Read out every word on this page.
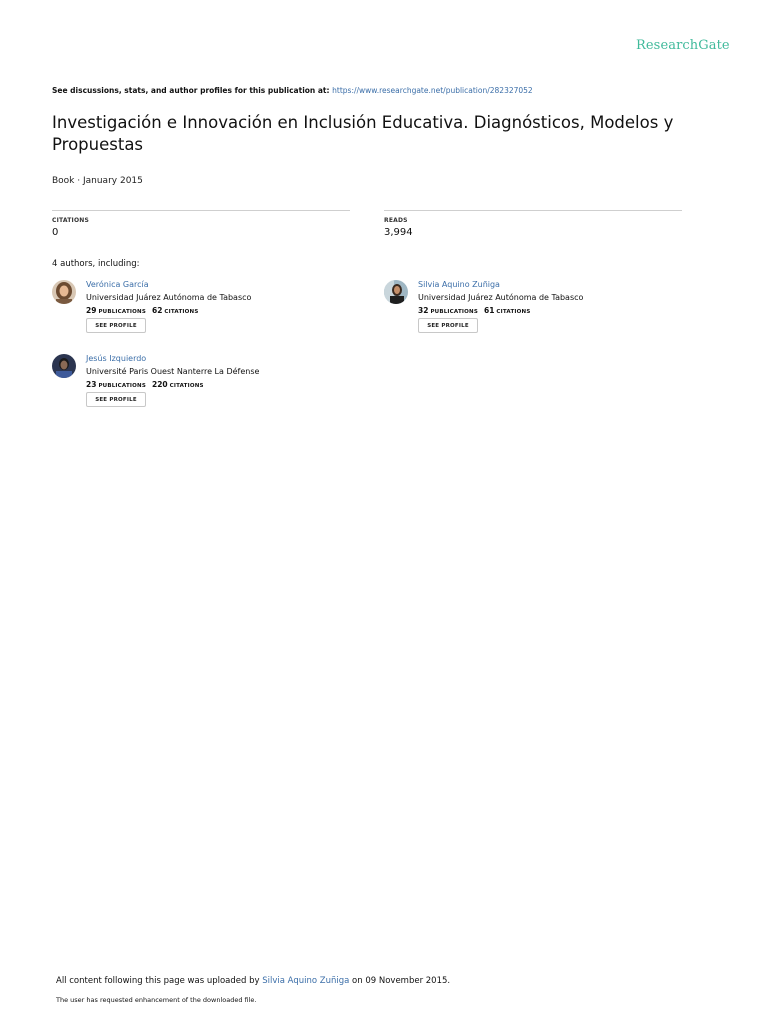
ResearchGate
See discussions, stats, and author profiles for this publication at: https://www.researchgate.net/publication/282327052
Investigación e Innovación en Inclusión Educativa. Diagnósticos, Modelos y Propuestas
Book · January 2015
CITATIONS
0
READS
3,994
4 authors, including:
Verónica García
Universidad Juárez Autónoma de Tabasco
29 PUBLICATIONS 62 CITATIONS
SEE PROFILE
Silvia Aquino Zuñiga
Universidad Juárez Autónoma de Tabasco
32 PUBLICATIONS 61 CITATIONS
SEE PROFILE
Jesús Izquierdo
Université Paris Ouest Nanterre La Défense
23 PUBLICATIONS 220 CITATIONS
SEE PROFILE
All content following this page was uploaded by Silvia Aquino Zuñiga on 09 November 2015.
The user has requested enhancement of the downloaded file.
